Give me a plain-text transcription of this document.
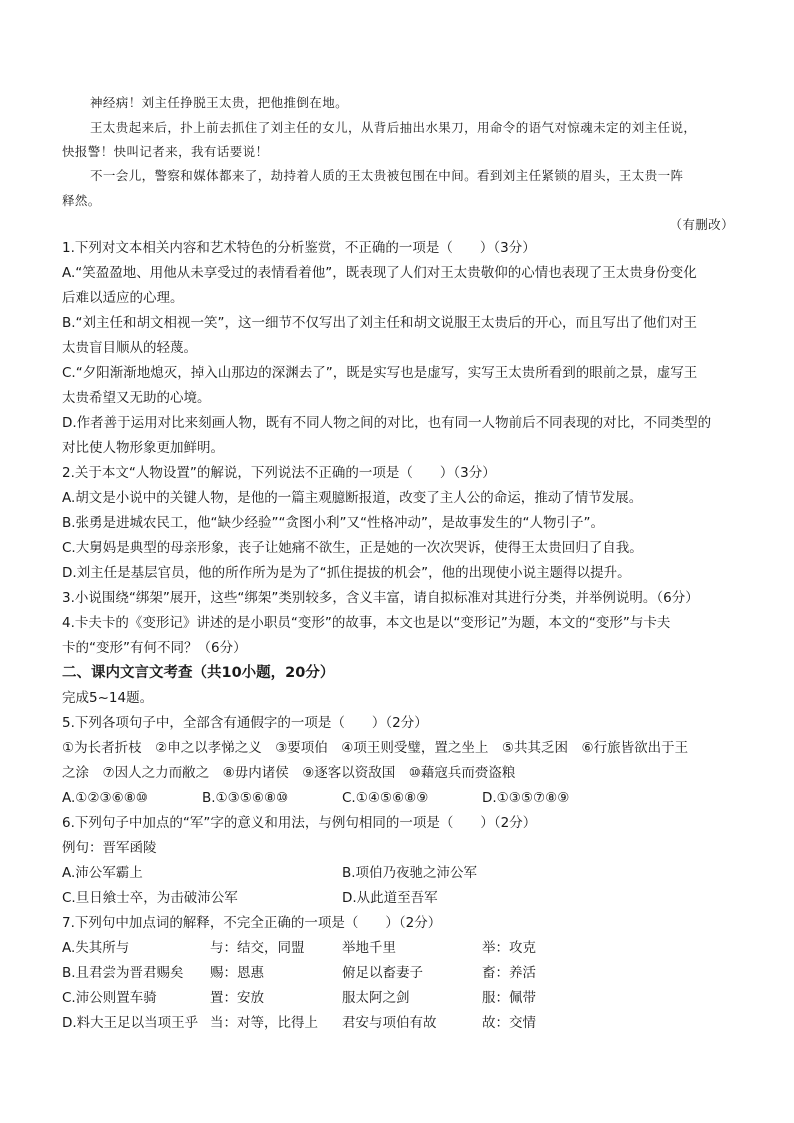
神经病！刘主任挣脱王太贵，把他推倒在地。

王太贵起来后，扑上前去抓住了刘主任的女儿，从背后抽出水果刀，用命令的语气对惊魂未定的刘主任说，

快报警！快叫记者来，我有话要说！

不一会儿，警察和媒体都来了，劫持着人质的王太贵被包围在中间。看到刘主任紧锁的眉头，王太贵一阵

释然。

（有删改）

1.下列对文本相关内容和艺术特色的分析鉴赏，不正确的一项是（　　）（3分）

A.“笑盈盈地、用他从未享受过的表情看着他”，既表现了人们对王太贵敬仰的心情也表现了王太贵身份变化

后难以适应的心理。

B.“刘主任和胡文相视一笑”，这一细节不仅写出了刘主任和胡文说服王太贵后的开心，而且写出了他们对王

太贵盲目顺从的轻蔑。

C.“夕阳渐渐地熄灭，掉入山那边的深渊去了”，既是实写也是虚写，实写王太贵所看到的眼前之景，虚写王

太贵希望又无助的心境。

D.作者善于运用对比来刻画人物，既有不同人物之间的对比，也有同一人物前后不同表现的对比，不同类型的

对比使人物形象更加鲜明。

2.关于本文“人物设置”的解说，下列说法不正确的一项是（　　）（3分）

A.胡文是小说中的关键人物，是他的一篇主观臆断报道，改变了主人公的命运，推动了情节发展。

B.张勇是进城农民工，他“缺少经验”“贪图小利”又“性格冲动”，是故事发生的“人物引子”。

C.大舅妈是典型的母亲形象，丧子让她痛不欲生，正是她的一次次哭诉，使得王太贵回归了自我。

D.刘主任是基层官员，他的所作所为是为了“抓住提拔的机会”，他的出现使小说主题得以提升。

3.小说围绕“绑架”展开，这些“绑架”类别较多，含义丰富，请自拟标准对其进行分类，并举例说明。（6分）

4.卡夫卡的《变形记》讲述的是小职员“变形”的故事，本文也是以“变形记”为题，本文的“变形”与卡夫

卡的“变形”有何不同？（6分）

二、课内文言文考查（共10小题，20分）

完成5~14题。

5.下列各项句子中，全部含有通假字的一项是（　　）（2分）

①为长者折枝　②申之以孝悌之义　③要项伯　④项王则受璧，置之坐上　⑤共其乏困　⑥行旅皆欲出于王

之涂　⑦因人之力而敝之　⑧毋内诸侯　⑨逐客以资敌国　⑩藉寇兵而赍盗粮

A.①②③⑥⑧⑩	B.①③⑤⑥⑧⑩	C.①④⑤⑥⑧⑨	D.①③⑤⑦⑧⑨

6.下列句子中加点的“军”字的意义和用法，与例句相同的一项是（　　）（2分）

例句：晋军函陵

A.沛公军霸上	B.项伯乃夜驰之沛公军
C.旦日飨士卒，为击破沛公军	D.从此道至吾军

7.下列句中加点词的解释，不完全正确的一项是（　　）（2分）

A.失其所与	与：结交，同盟	举地千里	举：攻克
B.且君尝为晋君赐矣 赐：恩惠	俯足以畜妻子	畜：养活
C.沛公则置车骑	置：安放	服太阿之剑	服：佩带
D.料大王足以当项王乎 当：对等，比得上 君安与项伯有故	故：交情
